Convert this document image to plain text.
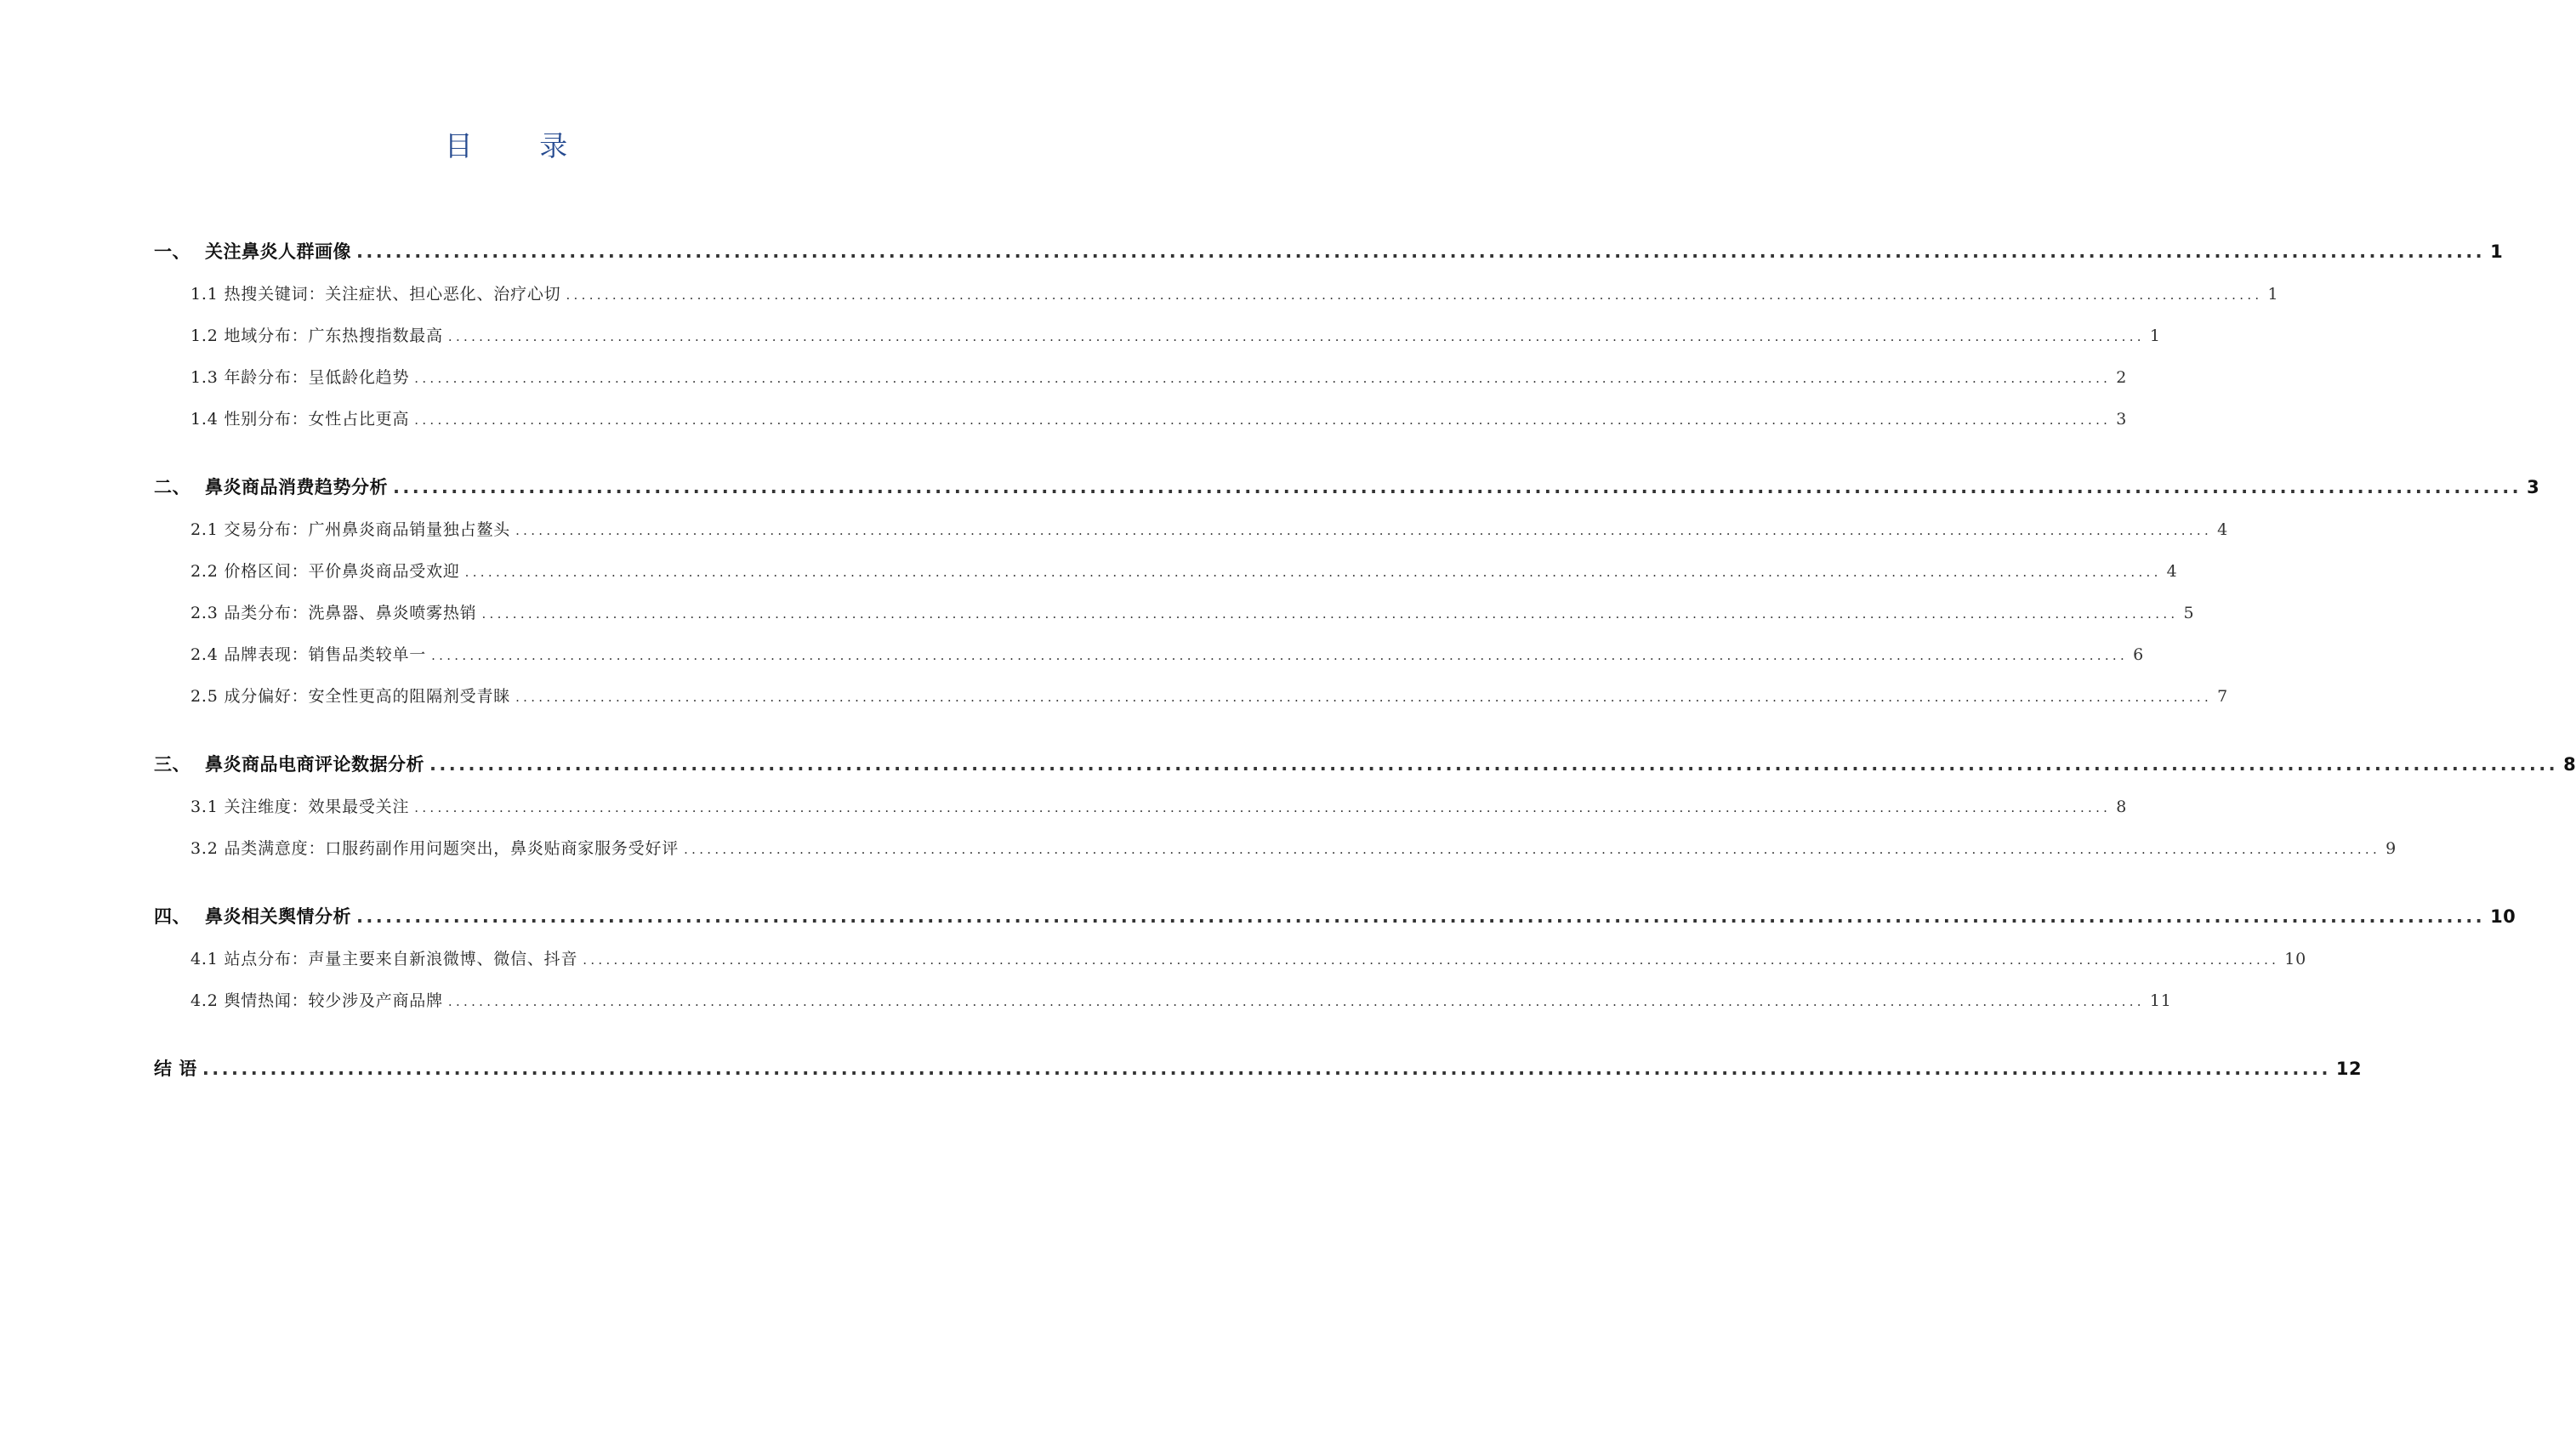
目 录
一、 关注鼻炎人群画像 ............................................................................................................................................................................................................................ 1
1.1 热搜关键词：关注症状、担心恶化、治疗心切 ............................................................................................................................................................................................................................ 1
1.2 地域分布：广东热搜指数最高 ............................................................................................................................................................................................................................ 1
1.3 年龄分布：呈低龄化趋势 ............................................................................................................................................................................................................................ 2
1.4 性别分布：女性占比更高 ............................................................................................................................................................................................................................ 3
二、 鼻炎商品消费趋势分析 ............................................................................................................................................................................................................................ 3
2.1 交易分布：广州鼻炎商品销量独占鳌头 ............................................................................................................................................................................................................................ 4
2.2 价格区间：平价鼻炎商品受欢迎 ............................................................................................................................................................................................................................ 4
2.3 品类分布：洗鼻器、鼻炎喷雾热销 ............................................................................................................................................................................................................................ 5
2.4 品牌表现：销售品类较单一 ............................................................................................................................................................................................................................ 6
2.5 成分偏好：安全性更高的阻隔剂受青睐 ............................................................................................................................................................................................................................ 7
三、 鼻炎商品电商评论数据分析 ............................................................................................................................................................................................................................ 8
3.1 关注维度：效果最受关注 ............................................................................................................................................................................................................................ 8
3.2 品类满意度：口服药副作用问题突出，鼻炎贴商家服务受好评 ............................................................................................................................................................................................................................ 9
四、 鼻炎相关舆情分析 ............................................................................................................................................................................................................................ 10
4.1 站点分布：声量主要来自新浪微博、微信、抖音 ............................................................................................................................................................................................................................ 10
4.2 舆情热闻：较少涉及产商品牌 ............................................................................................................................................................................................................................ 11
结 语 ............................................................................................................................................................................................................................ 12
